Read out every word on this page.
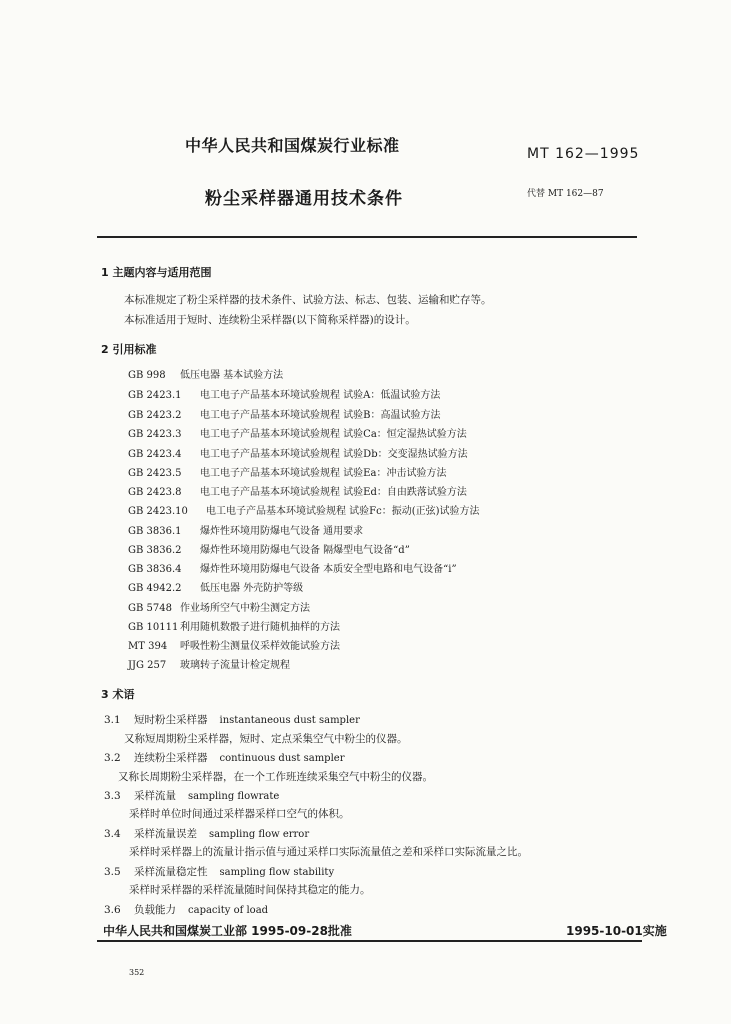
中华人民共和国煤炭行业标准	MT 162—1995
粉尘采样器通用技术条件	代替 MT 162—87
1 主题内容与适用范围
本标准规定了粉尘采样器的技术条件、试验方法、标志、包装、运输和贮存等。
本标准适用于短时、连续粉尘采样器(以下简称采样器)的设计。
2 引用标准
GB 998 低压电器 基本试验方法
GB 2423.1 电工电子产品基本环境试验规程 试验A：低温试验方法
GB 2423.2 电工电子产品基本环境试验规程 试验B：高温试验方法
GB 2423.3 电工电子产品基本环境试验规程 试验Ca：恒定湿热试验方法
GB 2423.4 电工电子产品基本环境试验规程 试验Db：交变湿热试验方法
GB 2423.5 电工电子产品基本环境试验规程 试验Ea：冲击试验方法
GB 2423.8 电工电子产品基本环境试验规程 试验Ed：自由跌落试验方法
GB 2423.10 电工电子产品基本环境试验规程 试验Fc：振动(正弦)试验方法
GB 3836.1 爆炸性环境用防爆电气设备 通用要求
GB 3836.2 爆炸性环境用防爆电气设备 隔爆型电气设备“d”
GB 3836.4 爆炸性环境用防爆电气设备 本质安全型电路和电气设备“i”
GB 4942.2 低压电器 外壳防护等级
GB 5748 作业场所空气中粉尘测定方法
GB 10111 利用随机数骰子进行随机抽样的方法
MT 394 呼吸性粉尘测量仪采样效能试验方法
JJG 257 玻璃转子流量计检定规程
3 术语
3.1 短时粉尘采样器 instantaneous dust sampler
又称短周期粉尘采样器，短时、定点采集空气中粉尘的仪器。
3.2 连续粉尘采样器 continuous dust sampler
又称长周期粉尘采样器，在一个工作班连续采集空气中粉尘的仪器。
3.3 采样流量 sampling flowrate
采样时单位时间通过采样器采样口空气的体积。
3.4 采样流量误差 sampling flow error
采样时采样器上的流量计指示值与通过采样口实际流量值之差和采样口实际流量之比。
3.5 采样流量稳定性 sampling flow stability
采样时采样器的采样流量随时间保持其稳定的能力。
3.6 负载能力 capacity of load
中华人民共和国煤炭工业部 1995-09-28批准	1995-10-01实施
352
